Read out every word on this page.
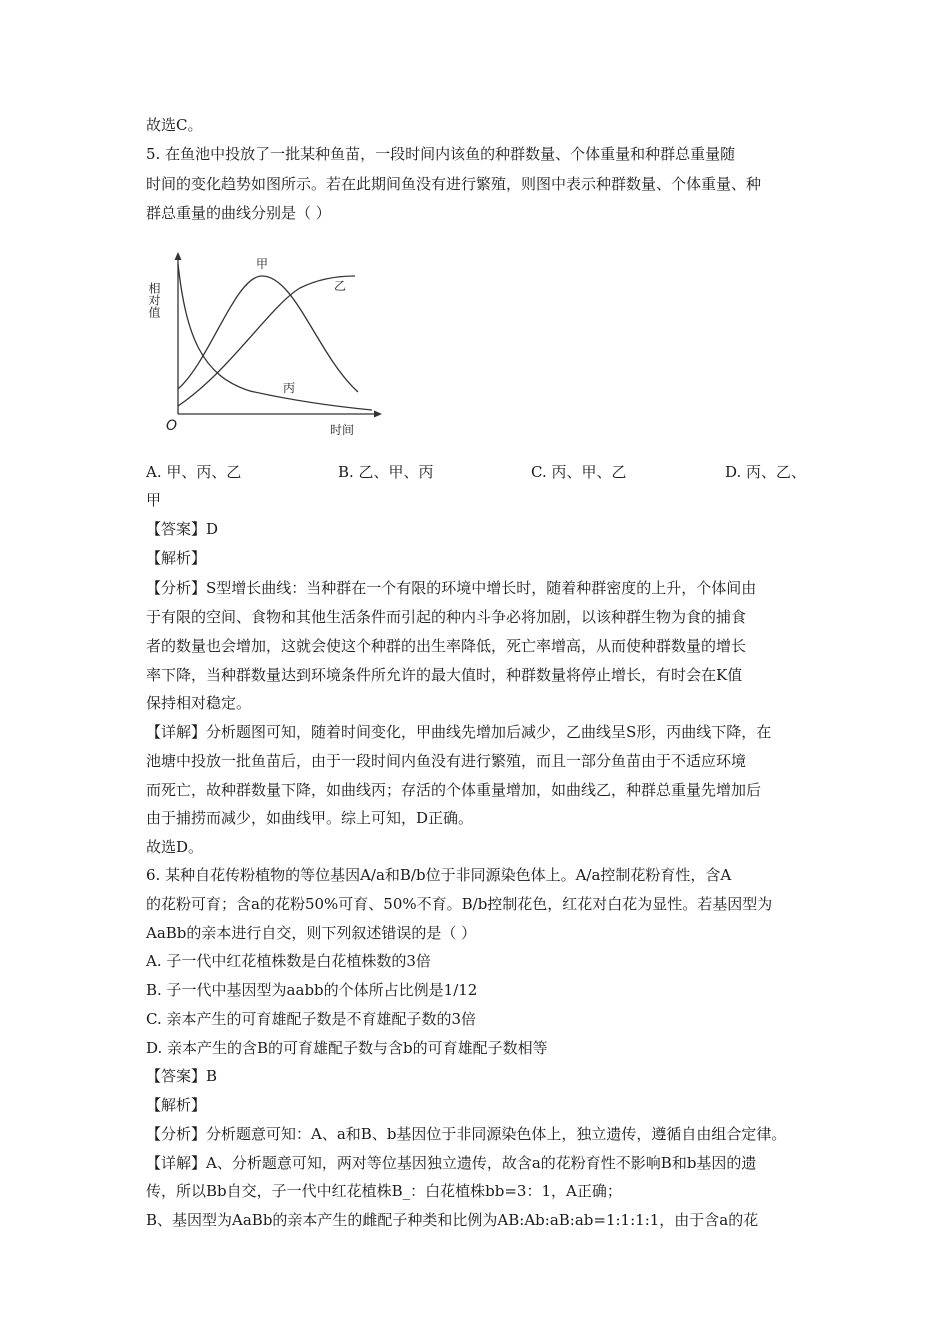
故选C。
5. 在鱼池中投放了一批某种鱼苗，一段时间内该鱼的种群数量、个体重量和种群总重量随
时间的变化趋势如图所示。若在此期间鱼没有进行繁殖，则图中表示种群数量、个体重量、种
群总重量的曲线分别是（ ）
相对值
时间
O
甲
乙
丙
A. 甲、丙、乙	B. 乙、甲、丙	C. 丙、甲、乙	D. 丙、乙、
甲
【答案】D
【解析】
【分析】S型增长曲线：当种群在一个有限的环境中增长时，随着种群密度的上升，个体间由
于有限的空间、食物和其他生活条件而引起的种内斗争必将加剧，以该种群生物为食的捕食
者的数量也会增加，这就会使这个种群的出生率降低，死亡率增高，从而使种群数量的增长
率下降，当种群数量达到环境条件所允许的最大值时，种群数量将停止增长，有时会在K值
保持相对稳定。
【详解】分析题图可知，随着时间变化，甲曲线先增加后减少，乙曲线呈S形，丙曲线下降，在
池塘中投放一批鱼苗后，由于一段时间内鱼没有进行繁殖，而且一部分鱼苗由于不适应环境
而死亡，故种群数量下降，如曲线丙；存活的个体重量增加，如曲线乙，种群总重量先增加后
由于捕捞而减少，如曲线甲。综上可知，D正确。
故选D。
6. 某种自花传粉植物的等位基因A/a和B/b位于非同源染色体上。A/a控制花粉育性，含A
的花粉可育；含a的花粉50%可育、50%不育。B/b控制花色，红花对白花为显性。若基因型为
AaBb的亲本进行自交，则下列叙述错误的是（ ）
A. 子一代中红花植株数是白花植株数的3倍
B. 子一代中基因型为aabb的个体所占比例是1/12
C. 亲本产生的可育雄配子数是不育雄配子数的3倍
D. 亲本产生的含B的可育雄配子数与含b的可育雄配子数相等
【答案】B
【解析】
【分析】分析题意可知：A、a和B、b基因位于非同源染色体上，独立遗传，遵循自由组合定律。
【详解】A、分析题意可知，两对等位基因独立遗传，故含a的花粉育性不影响B和b基因的遗
传，所以Bb自交，子一代中红花植株B_：白花植株bb=3：1，A正确；
B、基因型为AaBb的亲本产生的雌配子种类和比例为AB:Ab:aB:ab=1:1:1:1，由于含a的花
